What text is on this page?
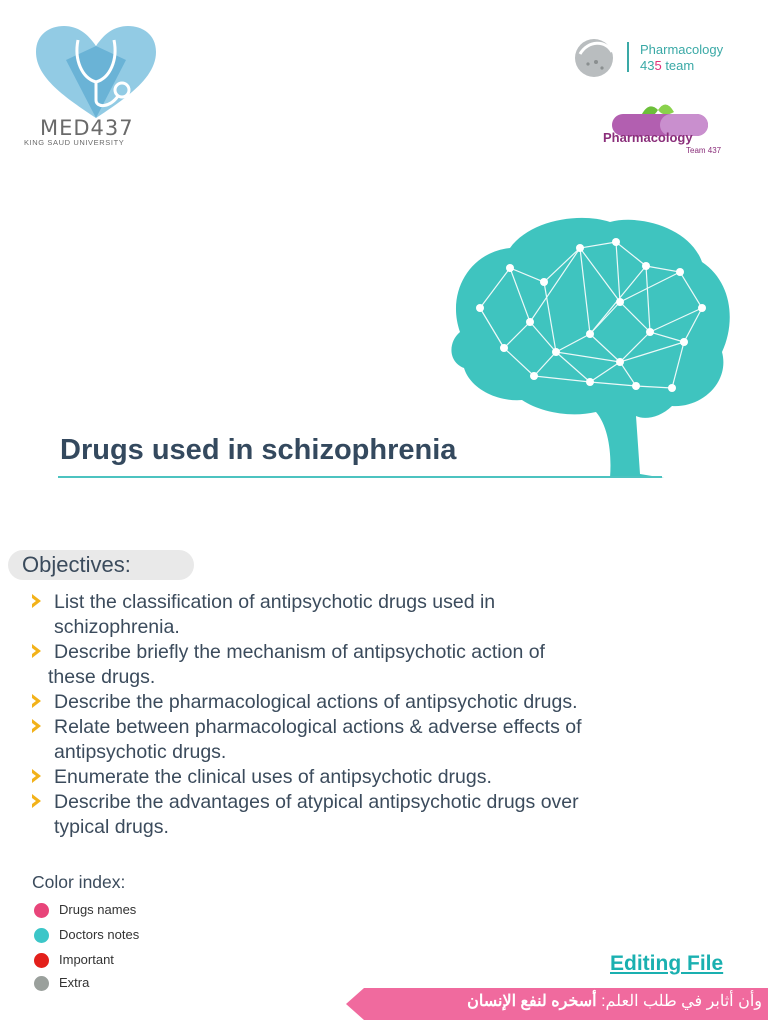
MED437
KING SAUD UNIVERSITY
Pharmacology
435 team
Pharmacology
Team 437
Drugs used in schizophrenia
Objectives:
List the classification of antipsychotic drugs used in
schizophrenia.
Describe briefly the mechanism of antipsychotic action of
these drugs.
Describe the pharmacological actions of antipsychotic drugs.
Relate between pharmacological actions & adverse effects of
antipsychotic drugs.
Enumerate the clinical uses of antipsychotic drugs.
Describe the advantages of atypical antipsychotic drugs over
typical drugs.
Color index:
Drugs names
Doctors notes
Important
Extra
Editing File
وأن أثابر في طلب العلم: أسخره لنفع الإنسان
